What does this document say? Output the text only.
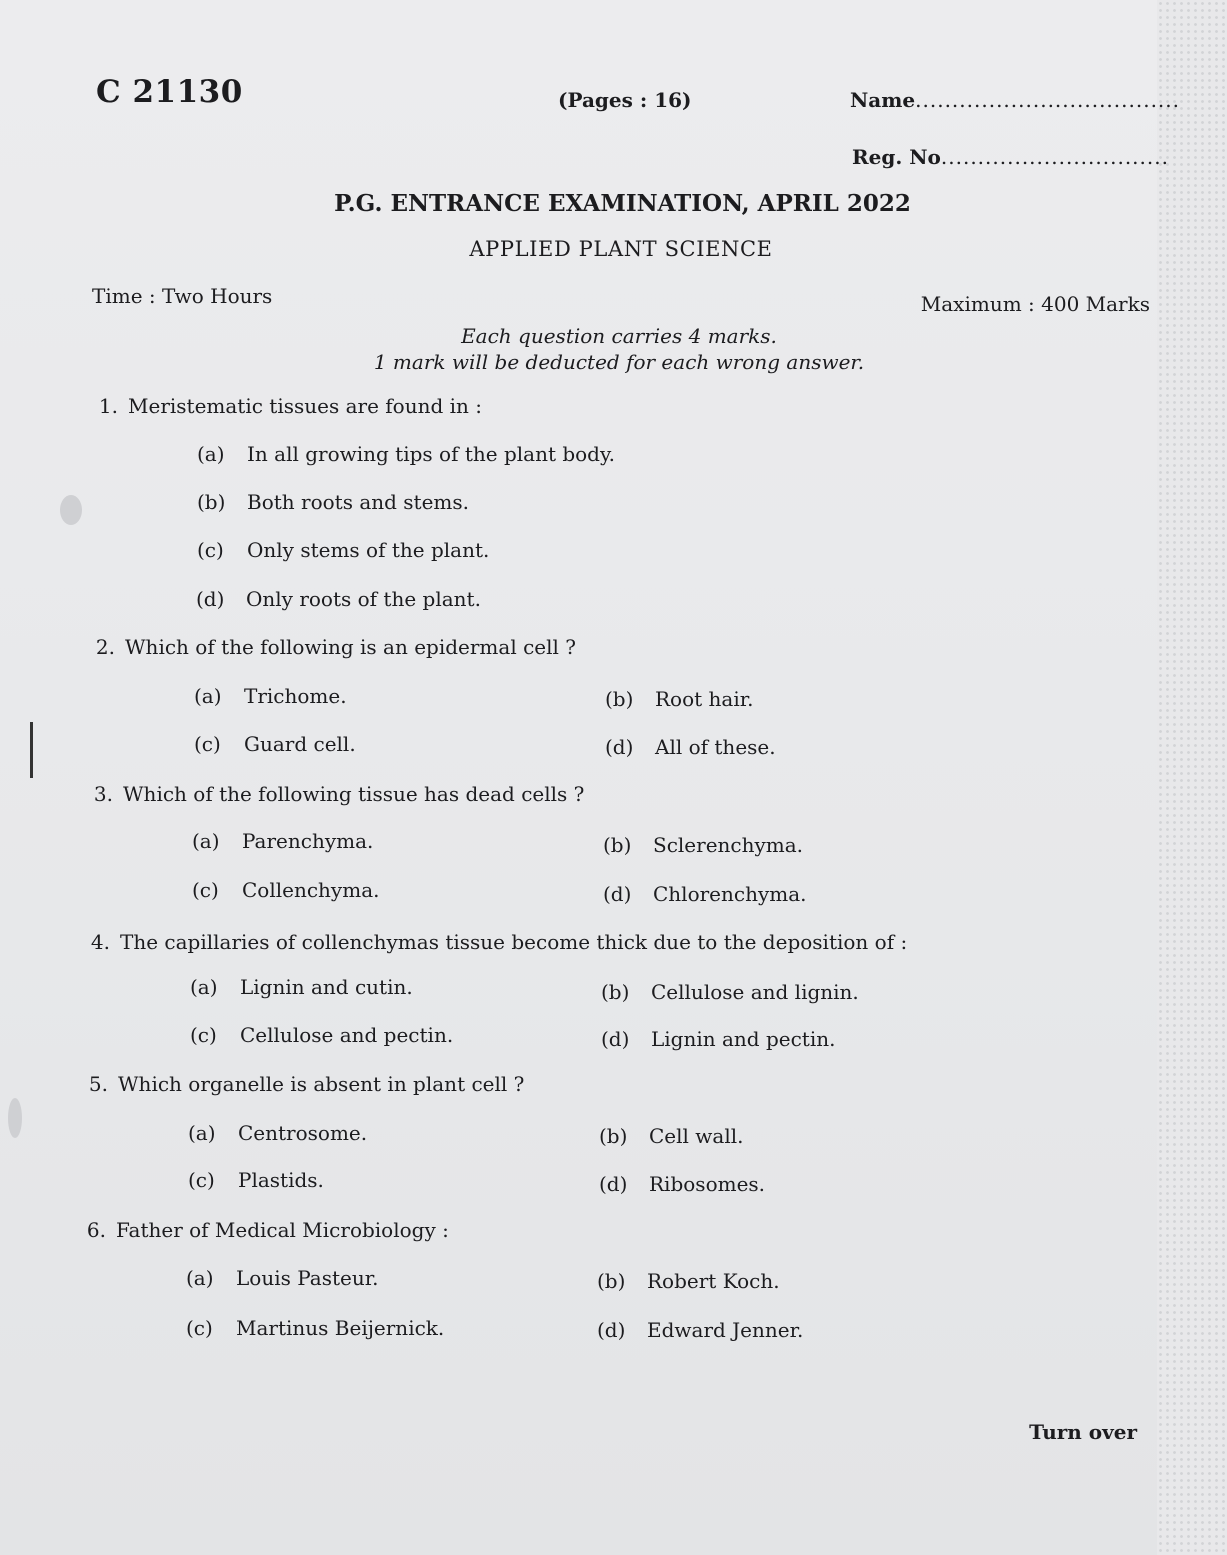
C 21130	(Pages : 16)	Name....................................
Reg. No...............................
P.G. ENTRANCE EXAMINATION, APRIL 2022
APPLIED PLANT SCIENCE
Time : Two Hours	Maximum : 400 Marks
Each question carries 4 marks.
1 mark will be deducted for each wrong answer.
1. Meristematic tissues are found in :
(a) In all growing tips of the plant body.
(b) Both roots and stems.
(c) Only stems of the plant.
(d) Only roots of the plant.
2. Which of the following is an epidermal cell ?
(a) Trichome.	(b) Root hair.
(c) Guard cell.	(d) All of these.
3. Which of the following tissue has dead cells ?
(a) Parenchyma.	(b) Sclerenchyma.
(c) Collenchyma.	(d) Chlorenchyma.
4. The capillaries of collenchymas tissue become thick due to the deposition of :
(a) Lignin and cutin.	(b) Cellulose and lignin.
(c) Cellulose and pectin.	(d) Lignin and pectin.
5. Which organelle is absent in plant cell ?
(a) Centrosome.	(b) Cell wall.
(c) Plastids.	(d) Ribosomes.
6. Father of Medical Microbiology :
(a) Louis Pasteur.	(b) Robert Koch.
(c) Martinus Beijernick.	(d) Edward Jenner.
Turn over
